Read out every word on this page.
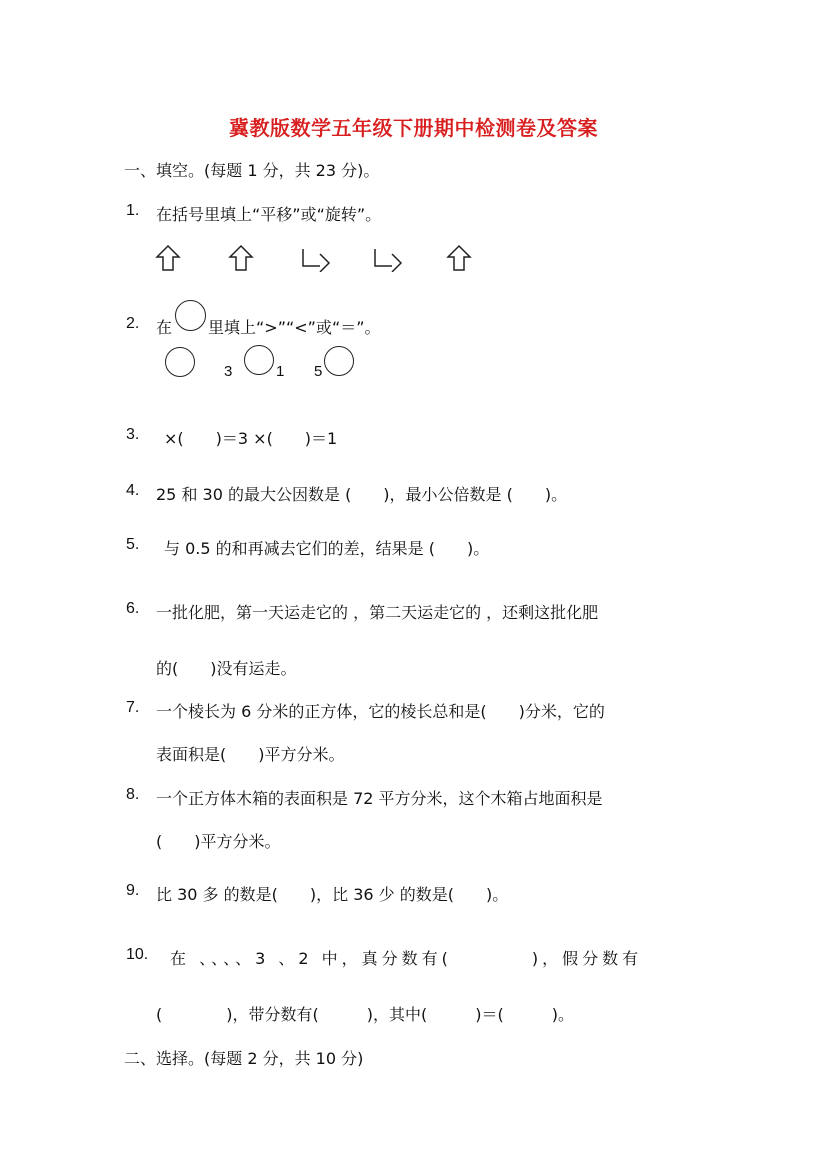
冀教版数学五年级下册期中检测卷及答案
一、填空。(每题 1 分，共 23 分)。
1. 在括号里填上“平移”或“旋转”。
2. 在 里填上“>”“<”或“＝”。
3	1 5
3. ×(　　)＝3 ×(　　)＝1
4. 25 和 30 的最大公因数是 (　　)，最小公倍数是 (　　)。
5. 与 0.5 的和再减去它们的差，结果是 (　　)。
6. 一批化肥，第一天运走它的 ，第二天运走它的 ，还剩这批化肥
的(　　)没有运走。
7. 一个棱长为 6 分米的正方体，它的棱长总和是(　　)分米，它的
表面积是(　　)平方分米。
8. 一个正方体木箱的表面积是 72 平方分米，这个木箱占地面积是
(　　)平方分米。
9. 比 30 多 的数是(　　)，比 36 少 的数是(　　)。
10. 在 、、、、3 、2 中，真分数有(　　　　)，假分数有
(　　　　)，带分数有(　　　)，其中(　　　)＝(　　　)。
二、选择。(每题 2 分，共 10 分)
